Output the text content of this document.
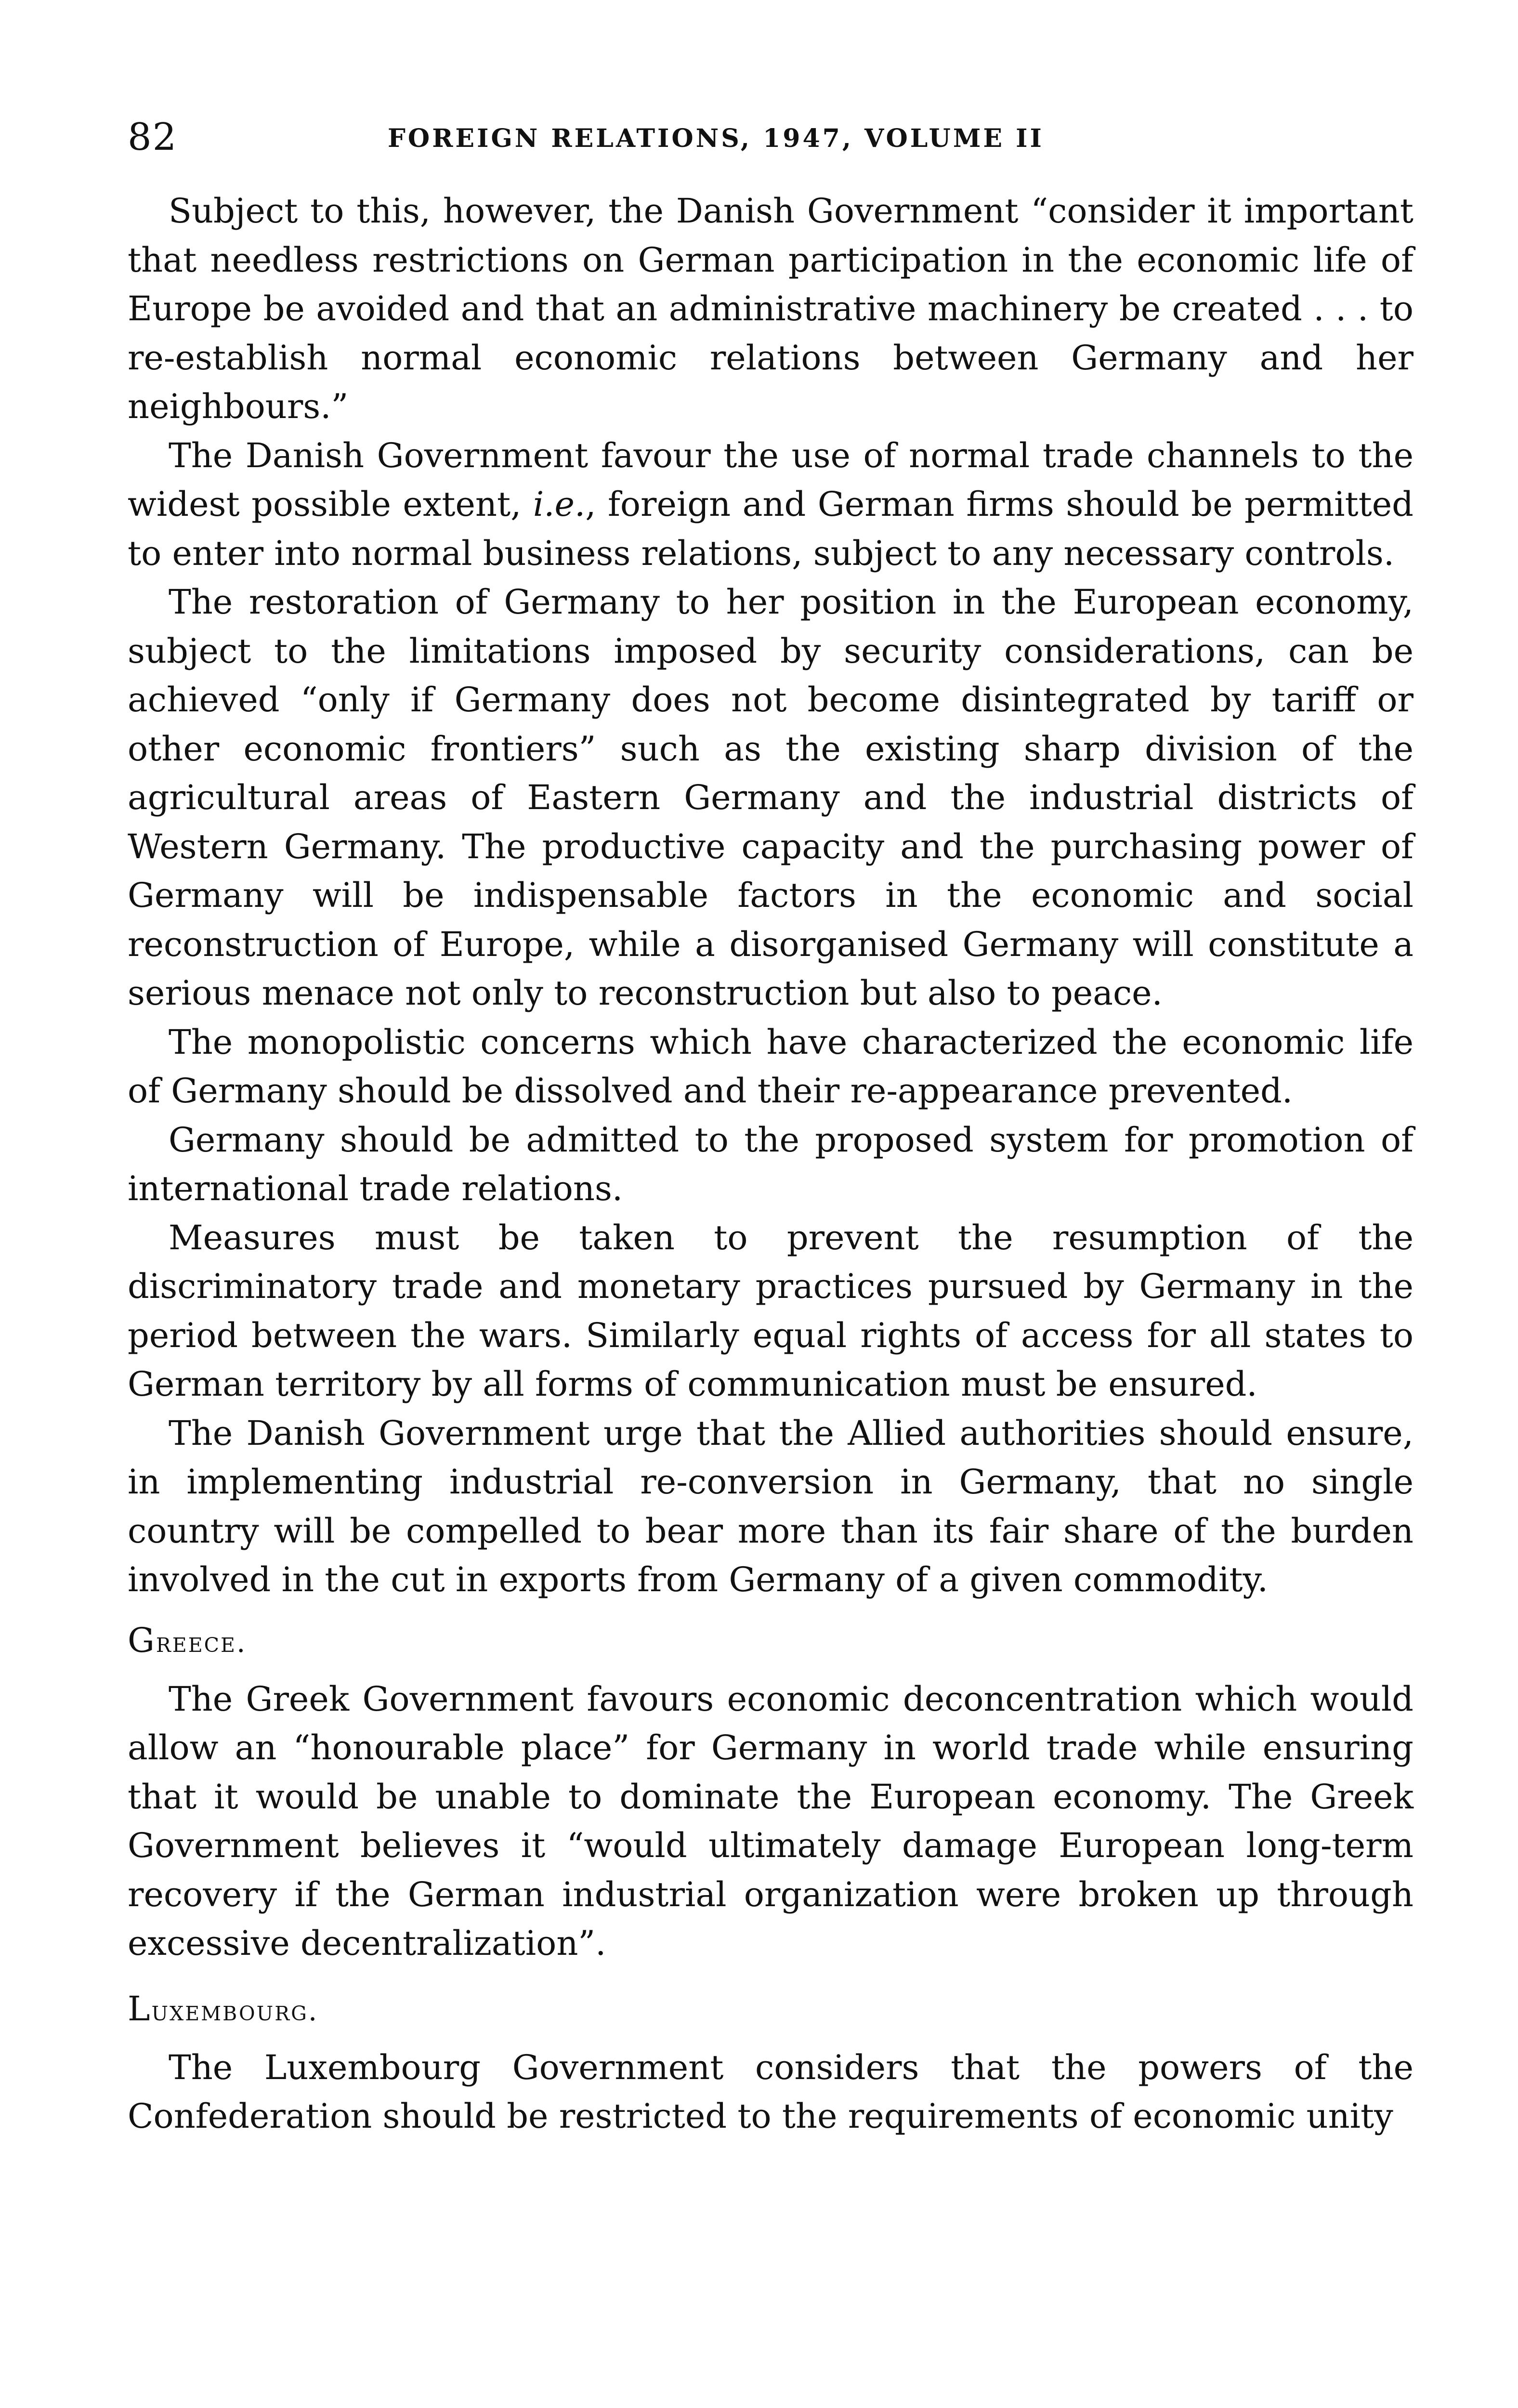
82	FOREIGN RELATIONS, 1947, VOLUME II

Subject to this, however, the Danish Government “consider it important that needless restrictions on German participation in the economic life of Europe be avoided and that an administrative machinery be created . . . to re-establish normal economic relations between Germany and her neighbours.”

The Danish Government favour the use of normal trade channels to the widest possible extent, i.e., foreign and German firms should be permitted to enter into normal business relations, subject to any necessary controls.

The restoration of Germany to her position in the European economy, subject to the limitations imposed by security considerations, can be achieved “only if Germany does not become disintegrated by tariff or other economic frontiers” such as the existing sharp division of the agricultural areas of Eastern Germany and the industrial districts of Western Germany. The productive capacity and the purchasing power of Germany will be indispensable factors in the economic and social reconstruction of Europe, while a disorganised Germany will constitute a serious menace not only to reconstruction but also to peace.

The monopolistic concerns which have characterized the economic life of Germany should be dissolved and their re-appearance prevented.

Germany should be admitted to the proposed system for promotion of international trade relations.

Measures must be taken to prevent the resumption of the discriminatory trade and monetary practices pursued by Germany in the period between the wars. Similarly equal rights of access for all states to German territory by all forms of communication must be ensured.

The Danish Government urge that the Allied authorities should ensure, in implementing industrial re-conversion in Germany, that no single country will be compelled to bear more than its fair share of the burden involved in the cut in exports from Germany of a given commodity.

Greece.

The Greek Government favours economic deconcentration which would allow an “honourable place” for Germany in world trade while ensuring that it would be unable to dominate the European economy. The Greek Government believes it “would ultimately damage European long-term recovery if the German industrial organization were broken up through excessive decentralization”.

Luxembourg.

The Luxembourg Government considers that the powers of the Confederation should be restricted to the requirements of economic unity
